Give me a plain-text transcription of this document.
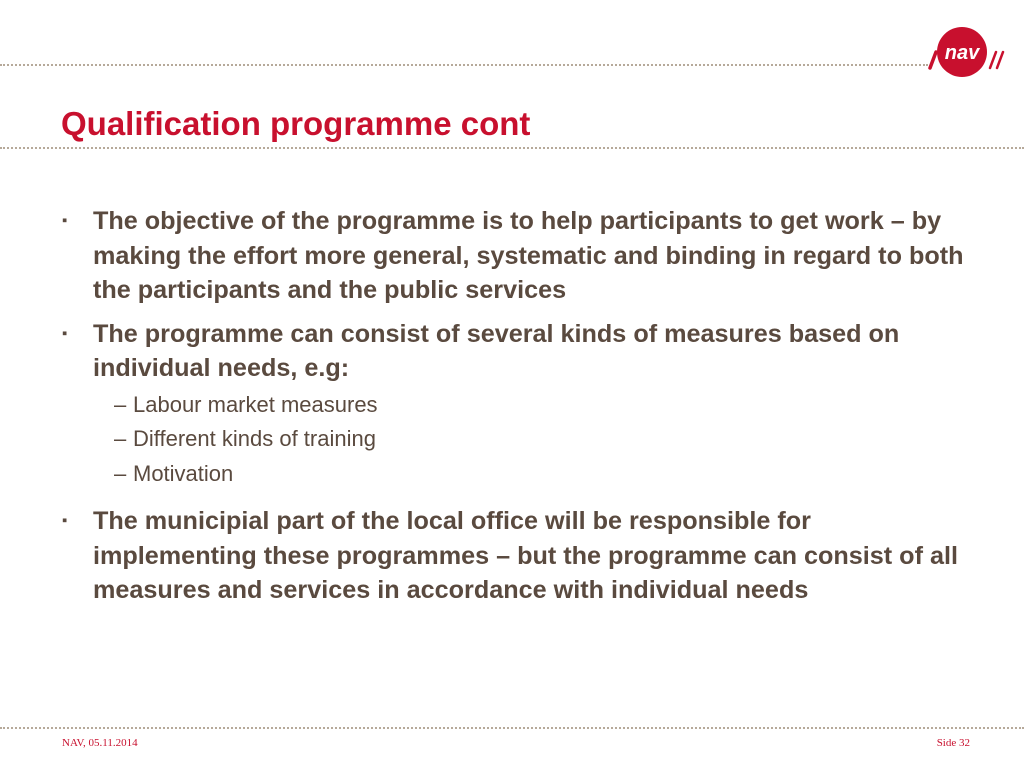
nav
Qualification programme cont
▪ The objective of the programme is to help participants to get work – by making the effort more general, systematic and binding in regard to both the participants and the public services
▪ The programme can consist of several kinds of measures based on individual needs, e.g:
– Labour market measures
– Different kinds of training
– Motivation
▪ The municipial part of the local office will be responsible for implementing these programmes – but the programme can consist of all measures and services in accordance with individual needs
NAV, 05.11.2014	Side 32
